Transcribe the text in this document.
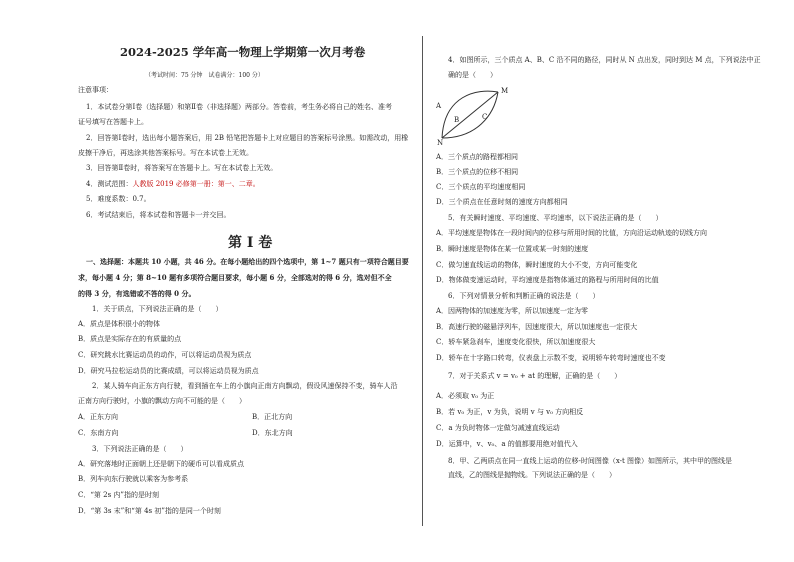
2024-2025 学年高一物理上学期第一次月考卷
（考试时间：75 分钟　试卷满分：100 分）
注意事项：
1．本试卷分第Ⅰ卷（选择题）和第Ⅱ卷（非选择题）两部分。答卷前，考生务必将自己的姓名、准考
证号填写在答题卡上。
2．回答第Ⅰ卷时，选出每小题答案后，用 2B 铅笔把答题卡上对应题目的答案标号涂黑。如需改动，用橡
皮擦干净后，再选涂其他答案标号。写在本试卷上无效。
3．回答第Ⅱ卷时，将答案写在答题卡上。写在本试卷上无效。
4．测试范围：人教版 2019 必修第一册：第一、二章。
5．难度系数：0.7。
6．考试结束后，将本试卷和答题卡一并交回。
第 I 卷
一、选择题：本题共 10 小题，共 46 分。在每小题给出的四个选项中，第 1~7 题只有一项符合题目要
求，每小题 4 分；第 8~10 题有多项符合题目要求，每小题 6 分，全部选对的得 6 分，选对但不全
的得 3 分，有选错或不答的得 0 分。
1．关于质点，下列说法正确的是（　　）
A．质点是体积很小的物体
B．质点是实际存在的有质量的点
C．研究跳水比赛运动员的动作，可以将运动员视为质点
D．研究马拉松运动员的比赛成绩，可以将运动员视为质点
2．某人骑车向正东方向行驶，看到插在车上的小旗向正南方向飘动，假设风速保持不变，骑车人沿
正南方向行驶时，小旗的飘动方向不可能的是（　　）
A．正东方向	B．正北方向
C．东南方向	D．东北方向
3．下列说法正确的是（　　）
A．研究落地时正面朝上还是朝下的硬币可以看成质点
B．列车向东行驶就以乘客为参考系
C．“第 2s 内”指的是时刻
D．“第 3s 末”和“第 4s 初”指的是同一个时刻
4．如图所示，三个质点 A、B、C 沿不同的路径，同时从 N 点出发，同时到达 M 点，下列说法中正
确的是（　　）
A
B	C
M
N
A．三个质点的路程都相同
B．三个质点的位移不相同
C．三个质点的平均速度相同
D．三个质点在任意时刻的速度方向都相同
5．有关瞬时速度、平均速度、平均速率，以下说法正确的是（　　）
A．平均速度是物体在一段时间内的位移与所用时间的比值，方向沿运动轨迹的切线方向
B．瞬时速度是物体在某一位置或某一时刻的速度
C．做匀速直线运动的物体，瞬时速度的大小不变，方向可能变化
D．物体做变速运动时，平均速度是指物体通过的路程与所用时间的比值
6．下列对情景分析和判断正确的说法是（　　）
A．因两物体的加速度为零，所以加速度一定为零
B．高速行驶的磁悬浮列车，因速度很大，所以加速度也一定很大
C．轿车紧急刹车，速度变化很快，所以加速度很大
D．轿车在十字路口转弯，仪表盘上示数不变，说明轿车转弯时速度也不变
7．对于关系式 v = v₀ + at 的理解，正确的是（　　）
A．必须取 v₀ 为正
B．若 v₀ 为正，v 为负，说明 v 与 v₀ 方向相反
C．a 为负时物体一定做匀减速直线运动
D．运算中，v、v₀、a 的值都要用绝对值代入
8．甲、乙两质点在同一直线上运动的位移-时间图像（x-t 图像）如图所示，其中甲的图线是
直线，乙的图线是抛物线。下列说法正确的是（　　）
